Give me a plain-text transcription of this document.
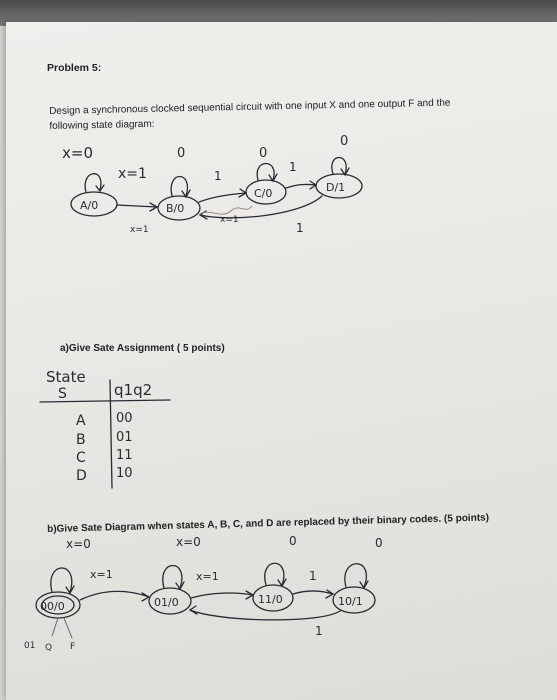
Problem 5:
Design a synchronous clocked sequential circuit with one input X and one output F and the following state diagram:
a)Give Sate Assignment ( 5 points)
b)Give Sate Diagram when states A, B, C, and D are replaced by their binary codes. (5 points)
x=0
x=1
A/0	B/0
0
C/0
0
D/1
0
1
1
1
x=1
x=1
State
S	q1q2
A 00
B 01
C 11
D 10
x=0	x=0	0	0
00/0	01/0	11/0	10/1
x=1	x=1	1
1
01 Q F
